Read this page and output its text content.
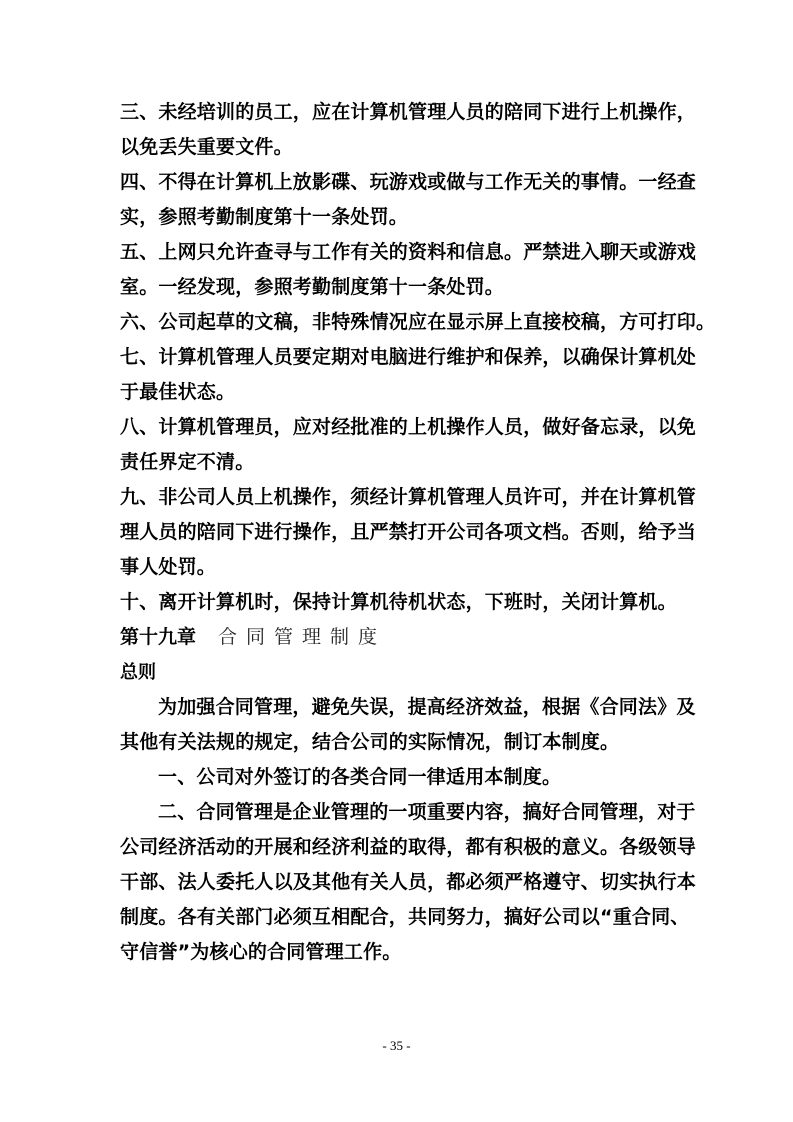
三、未经培训的员工，应在计算机管理人员的陪同下进行上机操作，
以免丢失重要文件。
四、不得在计算机上放影碟、玩游戏或做与工作无关的事情。一经查
实，参照考勤制度第十一条处罚。
五、上网只允许查寻与工作有关的资料和信息。严禁进入聊天或游戏
室。一经发现，参照考勤制度第十一条处罚。
六、公司起草的文稿，非特殊情况应在显示屏上直接校稿，方可打印。
七、计算机管理人员要定期对电脑进行维护和保养，以确保计算机处
于最佳状态。
八、计算机管理员，应对经批准的上机操作人员，做好备忘录，以免
责任界定不清。
九、非公司人员上机操作，须经计算机管理人员许可，并在计算机管
理人员的陪同下进行操作，且严禁打开公司各项文档。否则，给予当
事人处罚。
十、离开计算机时，保持计算机待机状态，下班时，关闭计算机。
第十九章 合同管理制度
总则
为加强合同管理，避免失误，提高经济效益，根据《合同法》及
其他有关法规的规定，结合公司的实际情况，制订本制度。
一、公司对外签订的各类合同一律适用本制度。
二、合同管理是企业管理的一项重要内容，搞好合同管理，对于
公司经济活动的开展和经济利益的取得，都有积极的意义。各级领导
干部、法人委托人以及其他有关人员，都必须严格遵守、切实执行本
制度。各有关部门必须互相配合，共同努力，搞好公司以“重合同、
守信誉”为核心的合同管理工作。
- 35 -
